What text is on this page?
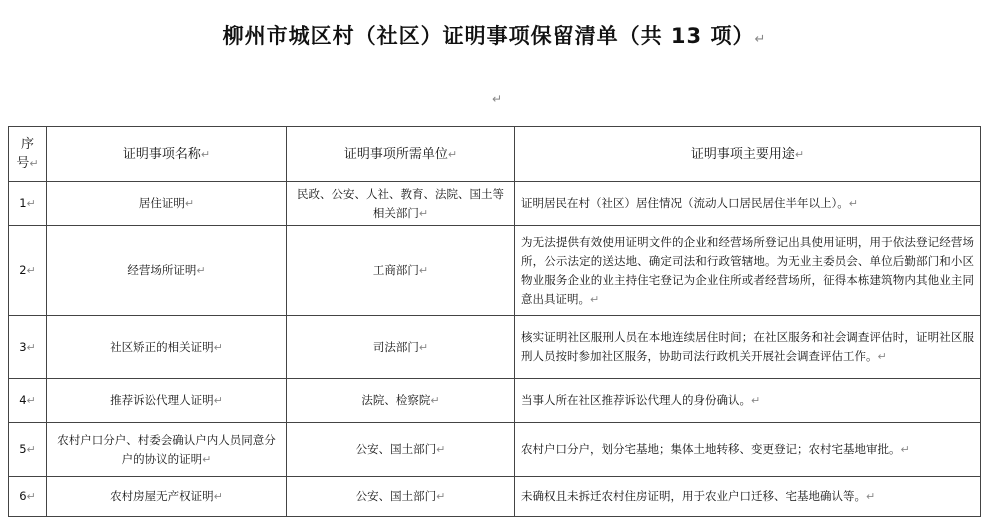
柳州市城区村（社区）证明事项保留清单（共 13 项）↵
↵
序号↵	证明事项名称↵	证明事项所需单位↵	证明事项主要用途↵
1↵	居住证明↵	民政、公安、人社、教育、法院、国土等相关部门↵	证明居民在村（社区）居住情况（流动人口居民居住半年以上）。↵
2↵	经营场所证明↵	工商部门↵	为无法提供有效使用证明文件的企业和经营场所登记出具使用证明，用于依法登记经营场所，公示法定的送达地、确定司法和行政管辖地。为无业主委员会、单位后勤部门和小区物业服务企业的业主持住宅登记为企业住所或者经营场所，征得本栋建筑物内其他业主同意出具证明。↵
3↵	社区矫正的相关证明↵	司法部门↵	核实证明社区服刑人员在本地连续居住时间；在社区服务和社会调查评估时，证明社区服刑人员按时参加社区服务，协助司法行政机关开展社会调查评估工作。↵
4↵	推荐诉讼代理人证明↵	法院、检察院↵	当事人所在社区推荐诉讼代理人的身份确认。↵
5↵	农村户口分户、村委会确认户内人员同意分户的协议的证明↵	公安、国土部门↵	农村户口分户，划分宅基地；集体土地转移、变更登记；农村宅基地审批。↵
6↵	农村房屋无产权证明↵	公安、国土部门↵	未确权且未拆迁农村住房证明，用于农业户口迁移、宅基地确认等。↵
